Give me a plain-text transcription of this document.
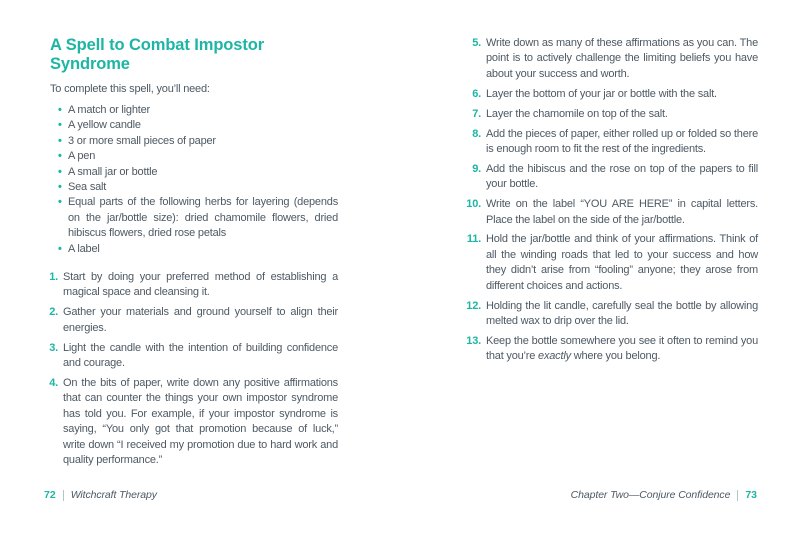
A Spell to Combat Impostor Syndrome

To complete this spell, you’ll need:

• A match or lighter
• A yellow candle
• 3 or more small pieces of paper
• A pen
• A small jar or bottle
• Sea salt
• Equal parts of the following herbs for layering (depends on the jar/bottle size): dried chamomile flowers, dried hibiscus flowers, dried rose petals
• A label
1. Start by doing your preferred method of establishing a magical space and cleansing it.
2. Gather your materials and ground yourself to align their energies.
3. Light the candle with the intention of building confidence and courage.
4. On the bits of paper, write down any positive affirmations that can counter the things your own impostor syndrome has told you. For example, if your impostor syndrome is saying, “You only got that promotion because of luck,” write down “I received my promotion due to hard work and quality performance.”
5. Write down as many of these affirmations as you can. The point is to actively challenge the limiting beliefs you have about your success and worth.
6. Layer the bottom of your jar or bottle with the salt.
7. Layer the chamomile on top of the salt.
8. Add the pieces of paper, either rolled up or folded so there is enough room to fit the rest of the ingredients.
9. Add the hibiscus and the rose on top of the papers to fill your bottle.
10. Write on the label “YOU ARE HERE” in capital letters. Place the label on the side of the jar/bottle.
11. Hold the jar/bottle and think of your affirmations. Think of all the winding roads that led to your success and how they didn’t arise from “fooling” anyone; they arose from different choices and actions.
12. Holding the lit candle, carefully seal the bottle by allowing melted wax to drip over the lid.
13. Keep the bottle somewhere you see it often to remind you that you’re exactly where you belong.
72 Witchcraft Therapy	Chapter Two—Conjure Confidence 73
